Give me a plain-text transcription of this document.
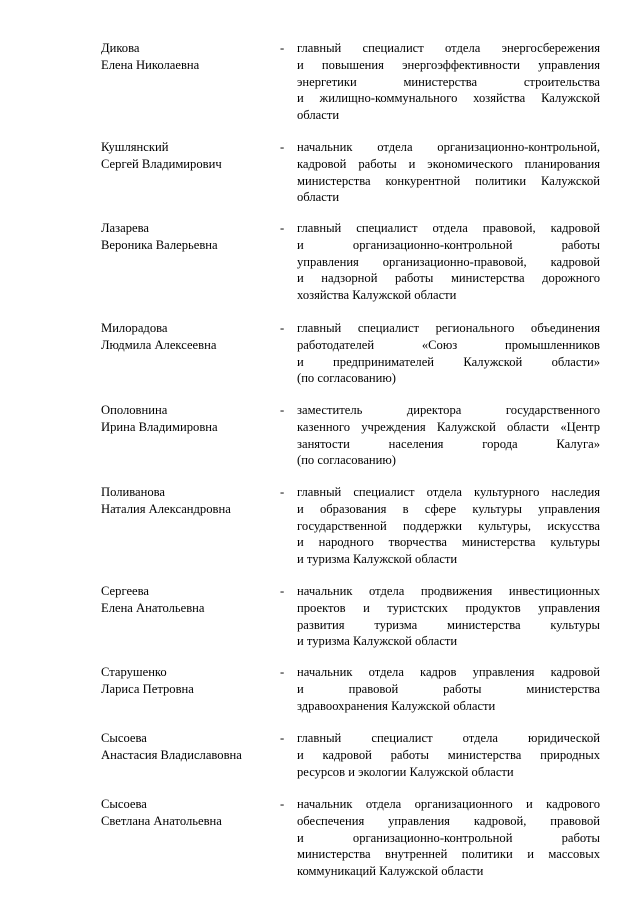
Дикова
Елена Николаевна
- главный специалист отдела энергосбережения
и повышения энергоэффективности управления
энергетики министерства строительства
и жилищно-коммунального хозяйства Калужской
области
Кушлянский
Сергей Владимирович
- начальник отдела организационно-контрольной,
кадровой работы и экономического планирования
министерства конкурентной политики Калужской
области
Лазарева
Вероника Валерьевна
- главный специалист отдела правовой, кадровой
и организационно-контрольной работы
управления организационно-правовой, кадровой
и надзорной работы министерства дорожного
хозяйства Калужской области
Милорадова
Людмила Алексеевна
- главный специалист регионального объединения
работодателей «Союз промышленников
и предпринимателей Калужской области»
(по согласованию)
Ополовнина
Ирина Владимировна
- заместитель директора государственного
казенного учреждения Калужской области «Центр
занятости населения города Калуга»
(по согласованию)
Поливанова
Наталия Александровна
- главный специалист отдела культурного наследия
и образования в сфере культуры управления
государственной поддержки культуры, искусства
и народного творчества министерства культуры
и туризма Калужской области
Сергеева
Елена Анатольевна
- начальник отдела продвижения инвестиционных
проектов и туристских продуктов управления
развития туризма министерства культуры
и туризма Калужской области
Старушенко
Лариса Петровна
- начальник отдела кадров управления кадровой
и правовой работы министерства
здравоохранения Калужской области
Сысоева
Анастасия Владиславовна
- главный специалист отдела юридической
и кадровой работы министерства природных
ресурсов и экологии Калужской области
Сысоева
Светлана Анатольевна
- начальник отдела организационного и кадрового
обеспечения управления кадровой, правовой
и организационно-контрольной работы
министерства внутренней политики и массовых
коммуникаций Калужской области
